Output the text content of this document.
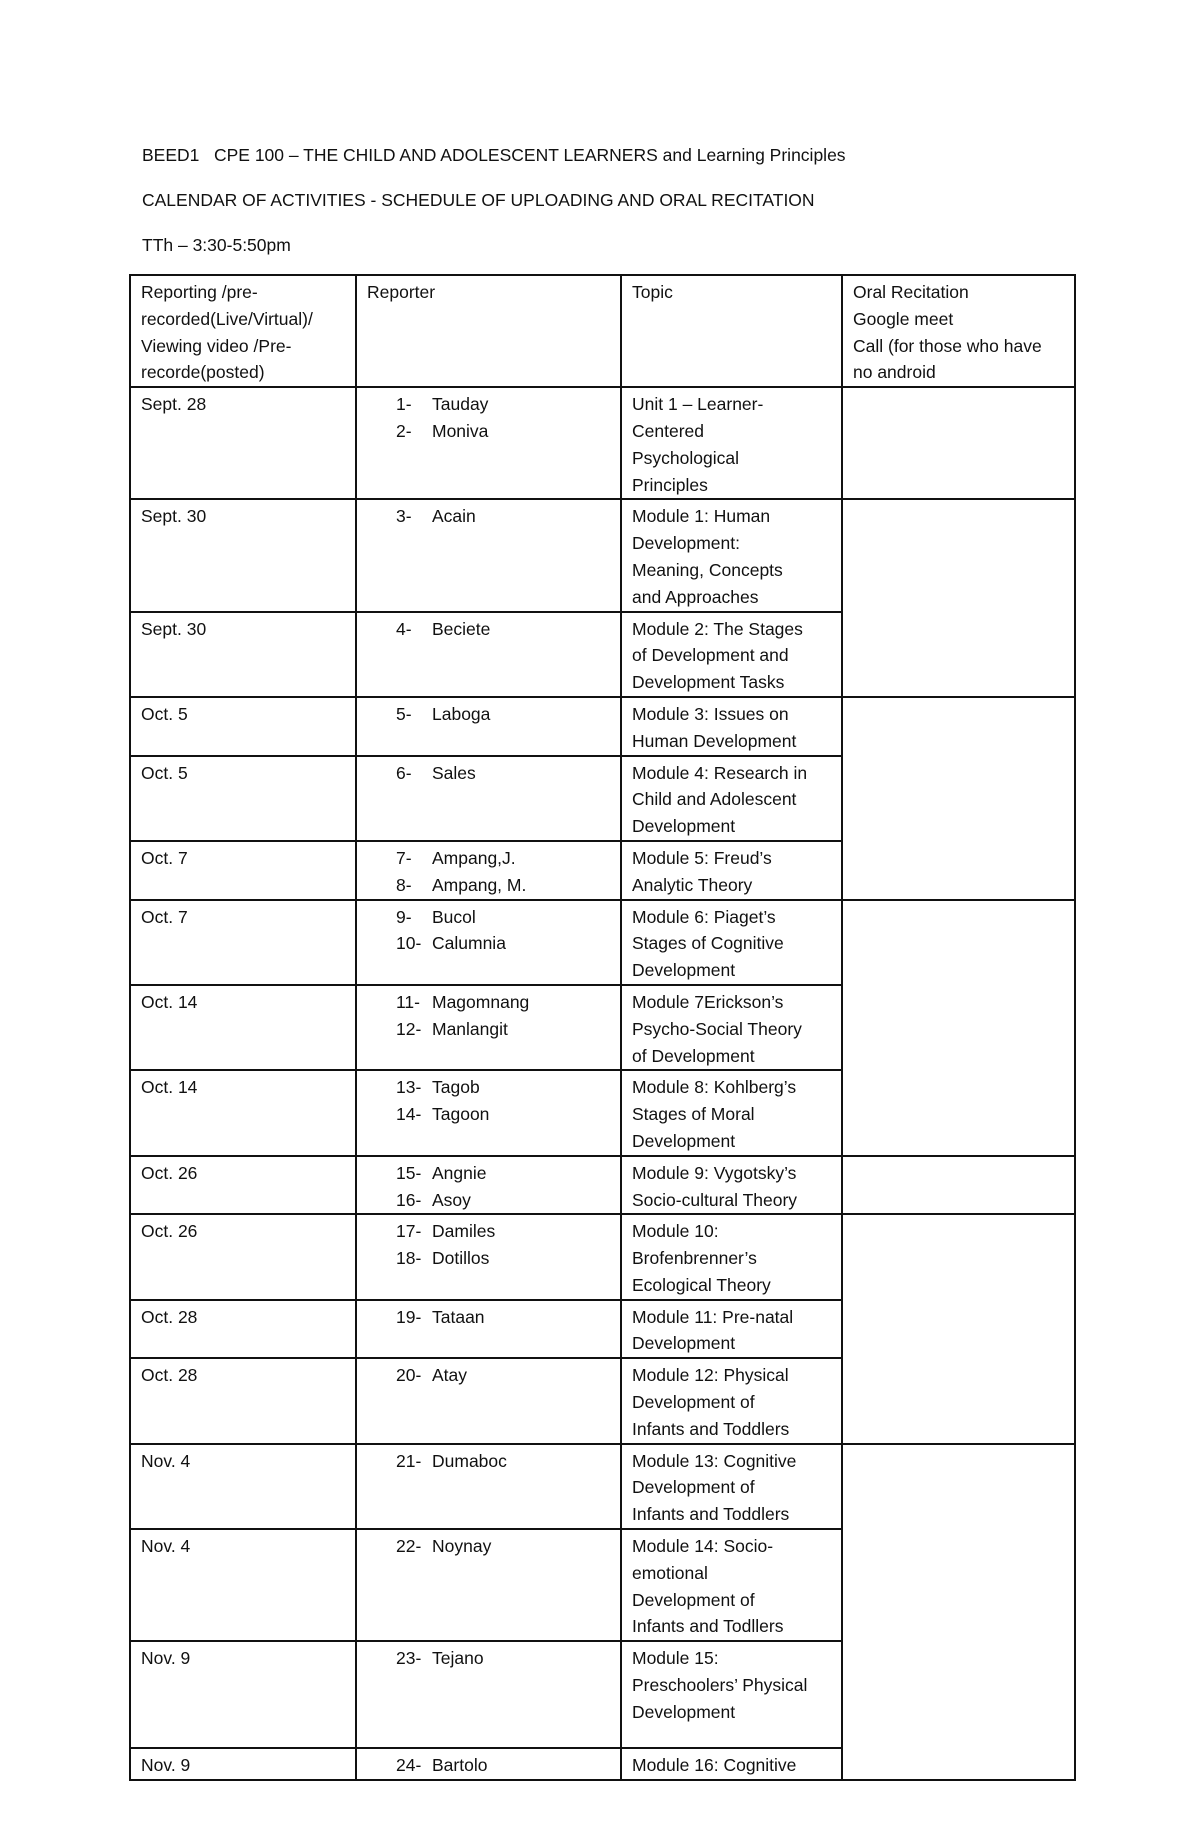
BEED1   CPE 100 – THE CHILD AND ADOLESCENT LEARNERS and Learning Principles
CALENDAR OF ACTIVITIES - SCHEDULE OF UPLOADING AND ORAL RECITATION
TTh – 3:30-5:50pm
Reporting /pre-
recorded(Live/Virtual)/
Viewing video /Pre-
recorde(posted)	Reporter	Topic	Oral Recitation
Google meet
Call (for those who have
no android

Sept. 28	1- Tauday
2- Moniva	Unit 1 – Learner-
Centered
Psychological
Principles	

Sept. 30	3- Acain	Module 1: Human
Development:
Meaning, Concepts
and Approaches	

Sept. 30	4- Beciete	Module 2: The Stages
of Development and
Development Tasks	

Oct. 5	5- Laboga	Module 3: Issues on
Human Development	

Oct. 5	6- Sales	Module 4: Research in
Child and Adolescent
Development	

Oct. 7	7- Ampang,J.
8- Ampang, M.	Module 5: Freud’s
Analytic Theory	

Oct. 7	9- Bucol
10- Calumnia	Module 6: Piaget’s
Stages of Cognitive
Development	

Oct. 14	11- Magomnang
12- Manlangit	Module 7Erickson’s
Psycho-Social Theory
of Development	

Oct. 14	13- Tagob
14- Tagoon	Module 8: Kohlberg’s
Stages of Moral
Development	

Oct. 26	15- Angnie
16- Asoy	Module 9: Vygotsky’s
Socio-cultural Theory	

Oct. 26	17- Damiles
18- Dotillos	Module 10:
Brofenbrenner’s
Ecological Theory	

Oct. 28	19- Tataan	Module 11: Pre-natal
Development	

Oct. 28	20- Atay	Module 12: Physical
Development of
Infants and Toddlers	

Nov. 4	21- Dumaboc	Module 13: Cognitive
Development of
Infants and Toddlers	

Nov. 4	22- Noynay	Module 14: Socio-
emotional
Development of
Infants and Todllers	

Nov. 9	23- Tejano	Module 15:
Preschoolers’ Physical
Development	

Nov. 9	24- Bartolo	Module 16: Cognitive	
